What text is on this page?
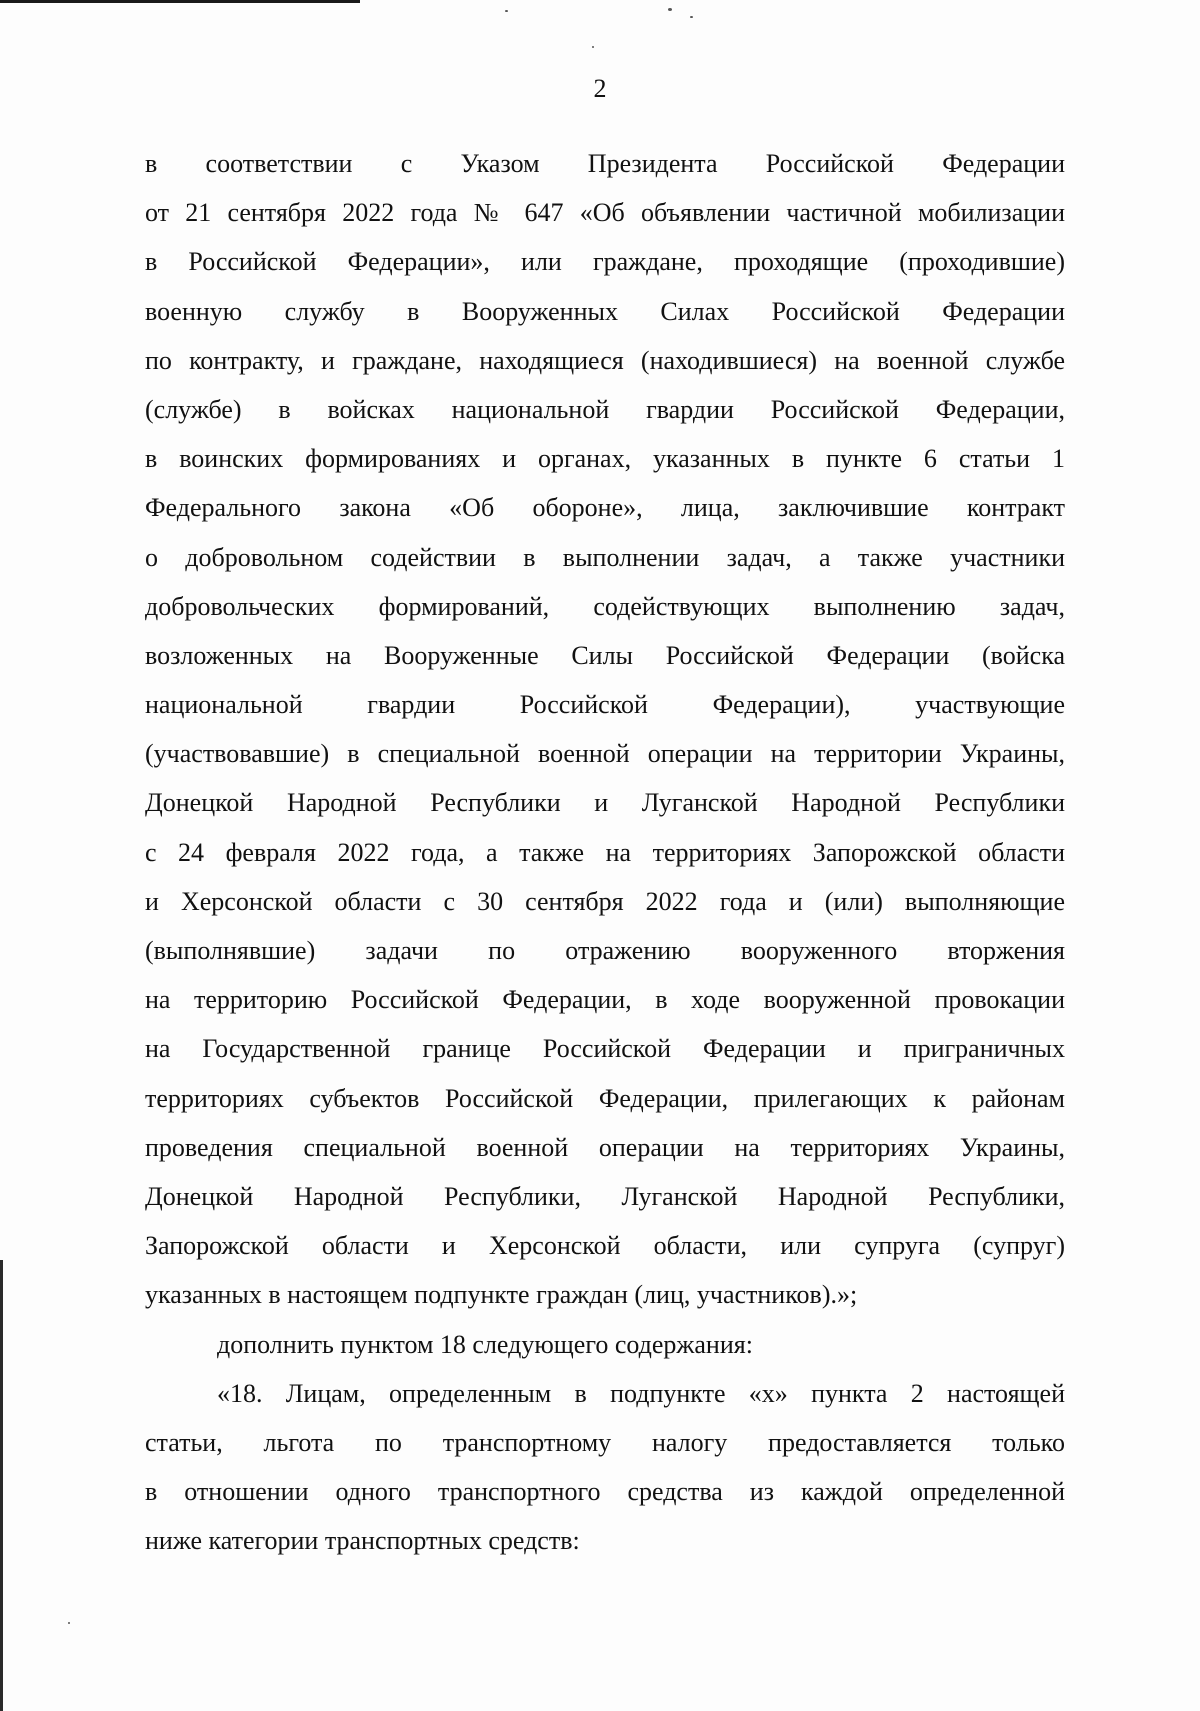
2
в соответствии с Указом Президента Российской Федерации
от 21 сентября 2022 года № 647 «Об объявлении частичной мобилизации
в Российской Федерации», или граждане, проходящие (проходившие)
военную службу в Вооруженных Силах Российской Федерации
по контракту, и граждане, находящиеся (находившиеся) на военной службе
(службе) в войсках национальной гвардии Российской Федерации,
в воинских формированиях и органах, указанных в пункте 6 статьи 1
Федерального закона «Об обороне», лица, заключившие контракт
о добровольном содействии в выполнении задач, а также участники
добровольческих формирований, содействующих выполнению задач,
возложенных на Вооруженные Силы Российской Федерации (войска
национальной гвардии Российской Федерации), участвующие
(участвовавшие) в специальной военной операции на территории Украины,
Донецкой Народной Республики и Луганской Народной Республики
с 24 февраля 2022 года, а также на территориях Запорожской области
и Херсонской области с 30 сентября 2022 года и (или) выполняющие
(выполнявшие) задачи по отражению вооруженного вторжения
на территорию Российской Федерации, в ходе вооруженной провокации
на Государственной границе Российской Федерации и приграничных
территориях субъектов Российской Федерации, прилегающих к районам
проведения специальной военной операции на территориях Украины,
Донецкой Народной Республики, Луганской Народной Республики,
Запорожской области и Херсонской области, или супруга (супруг)
указанных в настоящем подпункте граждан (лиц, участников).»;
дополнить пунктом 18 следующего содержания:
«18. Лицам, определенным в подпункте «х» пункта 2 настоящей
статьи, льгота по транспортному налогу предоставляется только
в отношении одного транспортного средства из каждой определенной
ниже категории транспортных средств:
